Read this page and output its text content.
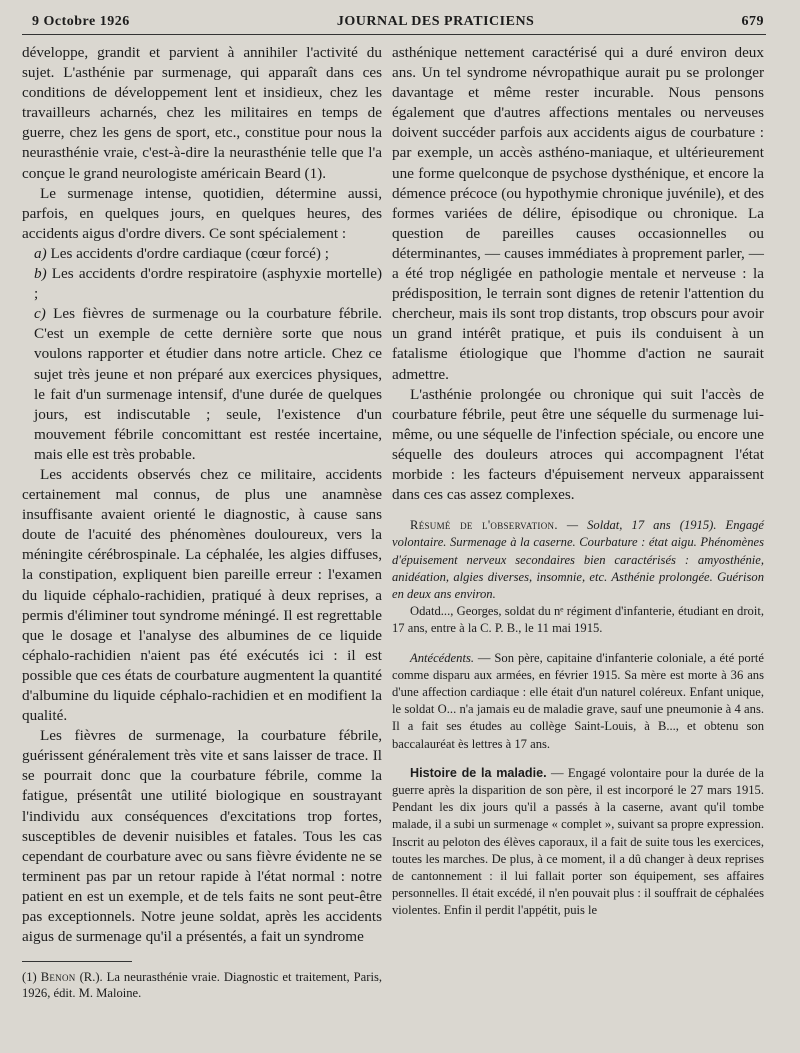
9 Octobre 1926	JOURNAL DES PRATICIENS	679

développe, grandit et parvient à annihiler l'activité du sujet. L'asthénie par surmenage, qui apparaît dans ces conditions de développement lent et insidieux, chez les travailleurs acharnés, chez les militaires en temps de guerre, chez les gens de sport, etc., constitue pour nous la neurasthénie vraie, c'est-à-dire la neurasthénie telle que l'a conçue le grand neurologiste américain Beard (1).

Le surmenage intense, quotidien, détermine aussi, parfois, en quelques jours, en quelques heures, des accidents aigus d'ordre divers. Ce sont spécialement :

a) Les accidents d'ordre cardiaque (cœur forcé) ;
b) Les accidents d'ordre respiratoire (asphyxie mortelle) ;
c) Les fièvres de surmenage ou la courbature fébrile. C'est un exemple de cette dernière sorte que nous voulons rapporter et étudier dans notre article. Chez ce sujet très jeune et non préparé aux exercices physiques, le fait d'un surmenage intensif, d'une durée de quelques jours, est indiscutable ; seule, l'existence d'un mouvement fébrile concomittant est restée incertaine, mais elle est très probable.

Les accidents observés chez ce militaire, accidents certainement mal connus, de plus une anamnèse insuffisante avaient orienté le diagnostic, à cause sans doute de l'acuité des phénomènes douloureux, vers la méningite cérébrospinale. La céphalée, les algies diffuses, la constipation, expliquent bien pareille erreur : l'examen du liquide céphalo-rachidien, pratiqué à deux reprises, a permis d'éliminer tout syndrome méningé. Il est regrettable que le dosage et l'analyse des albumines de ce liquide céphalo-rachidien n'aient pas été exécutés ici : il est possible que ces états de courbature augmentent la quantité d'albumine du liquide céphalo-rachidien et en modifient la qualité.

Les fièvres de surmenage, la courbature fébrile, guérissent généralement très vite et sans laisser de trace. Il se pourrait donc que la courbature fébrile, comme la fatigue, présentât une utilité biologique en soustrayant l'individu aux conséquences d'excitations trop fortes, susceptibles de devenir nuisibles et fatales. Tous les cas cependant de courbature avec ou sans fièvre évidente ne se terminent pas par un retour rapide à l'état normal : notre patient en est un exemple, et de tels faits ne sont peut-être pas exceptionnels. Notre jeune soldat, après les accidents aigus de surmenage qu'il a présentés, a fait un syndrome

(1) Benon (R.). La neurasthénie vraie. Diagnostic et traitement, Paris, 1926, édit. M. Maloine.

asthénique nettement caractérisé qui a duré environ deux ans. Un tel syndrome névropathique aurait pu se prolonger davantage et même rester incurable. Nous pensons également que d'autres affections mentales ou nerveuses doivent succéder parfois aux accidents aigus de courbature : par exemple, un accès asthéno-maniaque, et ultérieurement une forme quelconque de psychose dysthénique, et encore la démence précoce (ou hypothymie chronique juvénile), et des formes variées de délire, épisodique ou chronique. La question de pareilles causes occasionnelles ou déterminantes, — causes immédiates à proprement parler, — a été trop négligée en pathologie mentale et nerveuse : la prédisposition, le terrain sont dignes de retenir l'attention du chercheur, mais ils sont trop distants, trop obscurs pour avoir un grand intérêt pratique, et puis ils conduisent à un fatalisme étiologique que l'homme d'action ne saurait admettre.

L'asthénie prolongée ou chronique qui suit l'accès de courbature fébrile, peut être une séquelle du surmenage lui-même, ou une séquelle de l'infection spéciale, ou encore une séquelle des douleurs atroces qui accompagnent l'état morbide : les facteurs d'épuisement nerveux apparaissent dans ces cas assez complexes.

Résumé de l'observation. — Soldat, 17 ans (1915). Engagé volontaire. Surmenage à la caserne. Courbature : état aigu. Phénomènes d'épuisement nerveux secondaires bien caractérisés : amyosthénie, anidéation, algies diverses, insomnie, etc. Asthénie prolongée. Guérison en deux ans environ.

Odatd..., Georges, soldat du nᵉ régiment d'infanterie, étudiant en droit, 17 ans, entre à la C. P. B., le 11 mai 1915.

Antécédents. — Son père, capitaine d'infanterie coloniale, a été porté comme disparu aux armées, en février 1915. Sa mère est morte à 36 ans d'une affection cardiaque : elle était d'un naturel coléreux. Enfant unique, le soldat O... n'a jamais eu de maladie grave, sauf une pneumonie à 4 ans. Il a fait ses études au collège Saint-Louis, à B..., et obtenu son baccalauréat ès lettres à 17 ans.

Histoire de la maladie. — Engagé volontaire pour la durée de la guerre après la disparition de son père, il est incorporé le 27 mars 1915. Pendant les dix jours qu'il a passés à la caserne, avant qu'il tombe malade, il a subi un surmenage « complet », suivant sa propre expression. Inscrit au peloton des élèves caporaux, il a fait de suite tous les exercices, toutes les marches. De plus, à ce moment, il a dû changer à deux reprises de cantonnement : il lui fallait porter son équipement, ses affaires personnelles. Il était excédé, il n'en pouvait plus : il souffrait de céphalées violentes. Enfin il perdit l'appétit, puis le
